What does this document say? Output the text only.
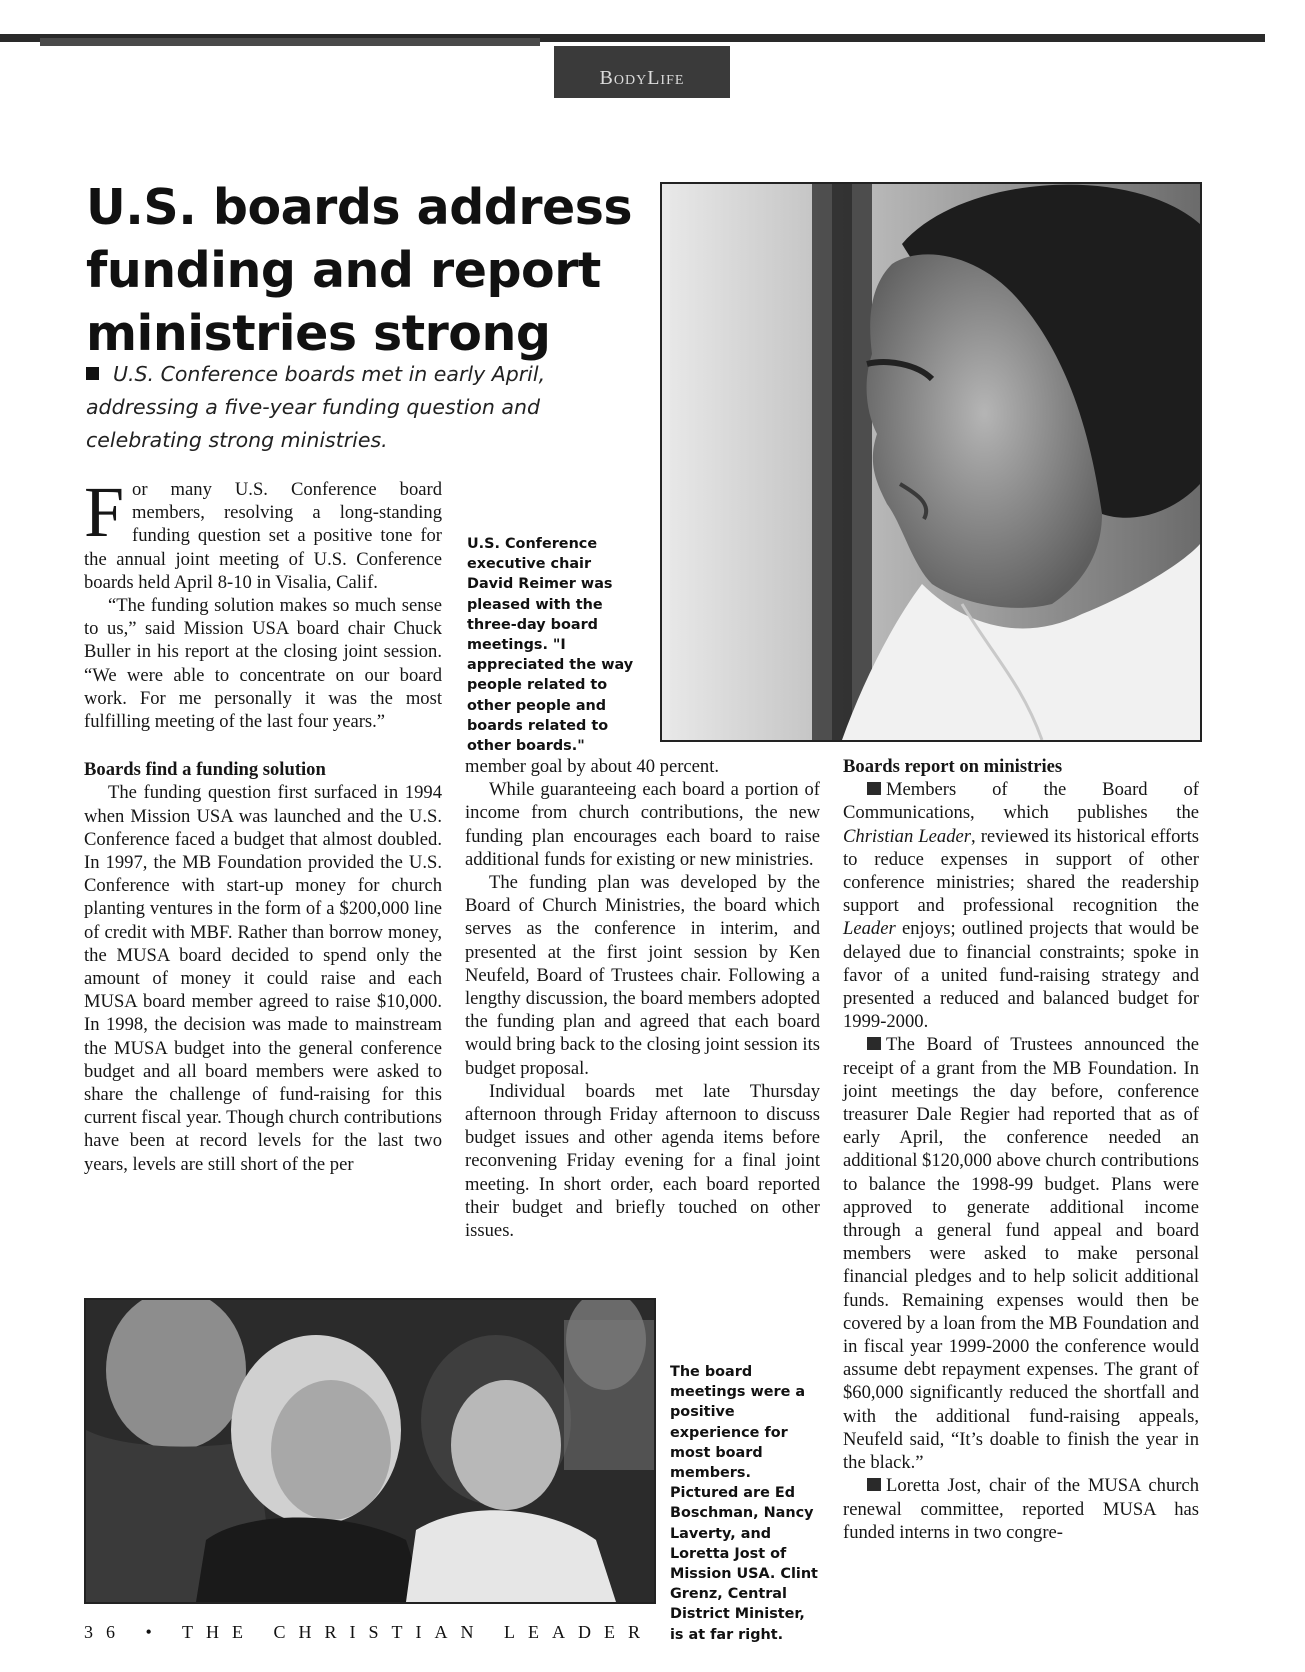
BodyLife
U.S. boards address funding and report ministries strong
U.S. Conference boards met in early April, addressing a five-year funding question and celebrating strong ministries.
U.S. Conference executive chair David Reimer was pleased with the three-day board meetings. "I appreciated the way people related to other people and boards related to other boards."

For many U.S. Conference board members, resolving a long-standing funding question set a positive tone for the annual joint meeting of U.S. Conference boards held April 8-10 in Visalia, Calif.

“The funding solution makes so much sense to us,” said Mission USA board chair Chuck Buller in his report at the closing joint session. “We were able to concentrate on our board work. For me personally it was the most fulfilling meeting of the last four years.”

Boards find a funding solution

The funding question first surfaced in 1994 when Mission USA was launched and the U.S. Conference faced a budget that almost doubled. In 1997, the MB Foundation provided the U.S. Conference with start-up money for church planting ventures in the form of a $200,000 line of credit with MBF. Rather than borrow money, the MUSA board decided to spend only the amount of money it could raise and each MUSA board member agreed to raise $10,000. In 1998, the decision was made to mainstream the MUSA budget into the general conference budget and all board members were asked to share the challenge of fund-raising for this current fiscal year. Though church contributions have been at record levels for the last two years, levels are still short of the per

member goal by about 40 percent.

While guaranteeing each board a portion of income from church contributions, the new funding plan encourages each board to raise additional funds for existing or new ministries.

The funding plan was developed by the Board of Church Ministries, the board which serves as the conference in interim, and presented at the first joint session by Ken Neufeld, Board of Trustees chair. Following a lengthy discussion, the board members adopted the funding plan and agreed that each board would bring back to the closing joint session its budget proposal.

Individual boards met late Thursday afternoon through Friday afternoon to discuss budget issues and other agenda items before reconvening Friday evening for a final joint meeting. In short order, each board reported their budget and briefly touched on other issues.

Boards report on ministries

Members of the Board of Communications, which publishes the Christian Leader, reviewed its historical efforts to reduce expenses in support of other conference ministries; shared the readership support and professional recognition the Leader enjoys; outlined projects that would be delayed due to financial constraints; spoke in favor of a united fund-raising strategy and presented a reduced and balanced budget for 1999-2000.

The Board of Trustees announced the receipt of a grant from the MB Foundation. In joint meetings the day before, conference treasurer Dale Regier had reported that as of early April, the conference needed an additional $120,000 above church contributions to balance the 1998-99 budget. Plans were approved to generate additional income through a general fund appeal and board members were asked to make personal financial pledges and to help solicit additional funds. Remaining expenses would then be covered by a loan from the MB Foundation and in fiscal year 1999-2000 the conference would assume debt repayment expenses. The grant of $60,000 significantly reduced the shortfall and with the additional fund-raising appeals, Neufeld said, “It’s doable to finish the year in the black.”

Loretta Jost, chair of the MUSA church renewal committee, reported MUSA has funded interns in two congre-

The board meetings were a positive experience for most board members. Pictured are Ed Boschman, Nancy Laverty, and Loretta Jost of Mission USA. Clint Grenz, Central District Minister, is at far right.
36 • THE CHRISTIAN LEADER
